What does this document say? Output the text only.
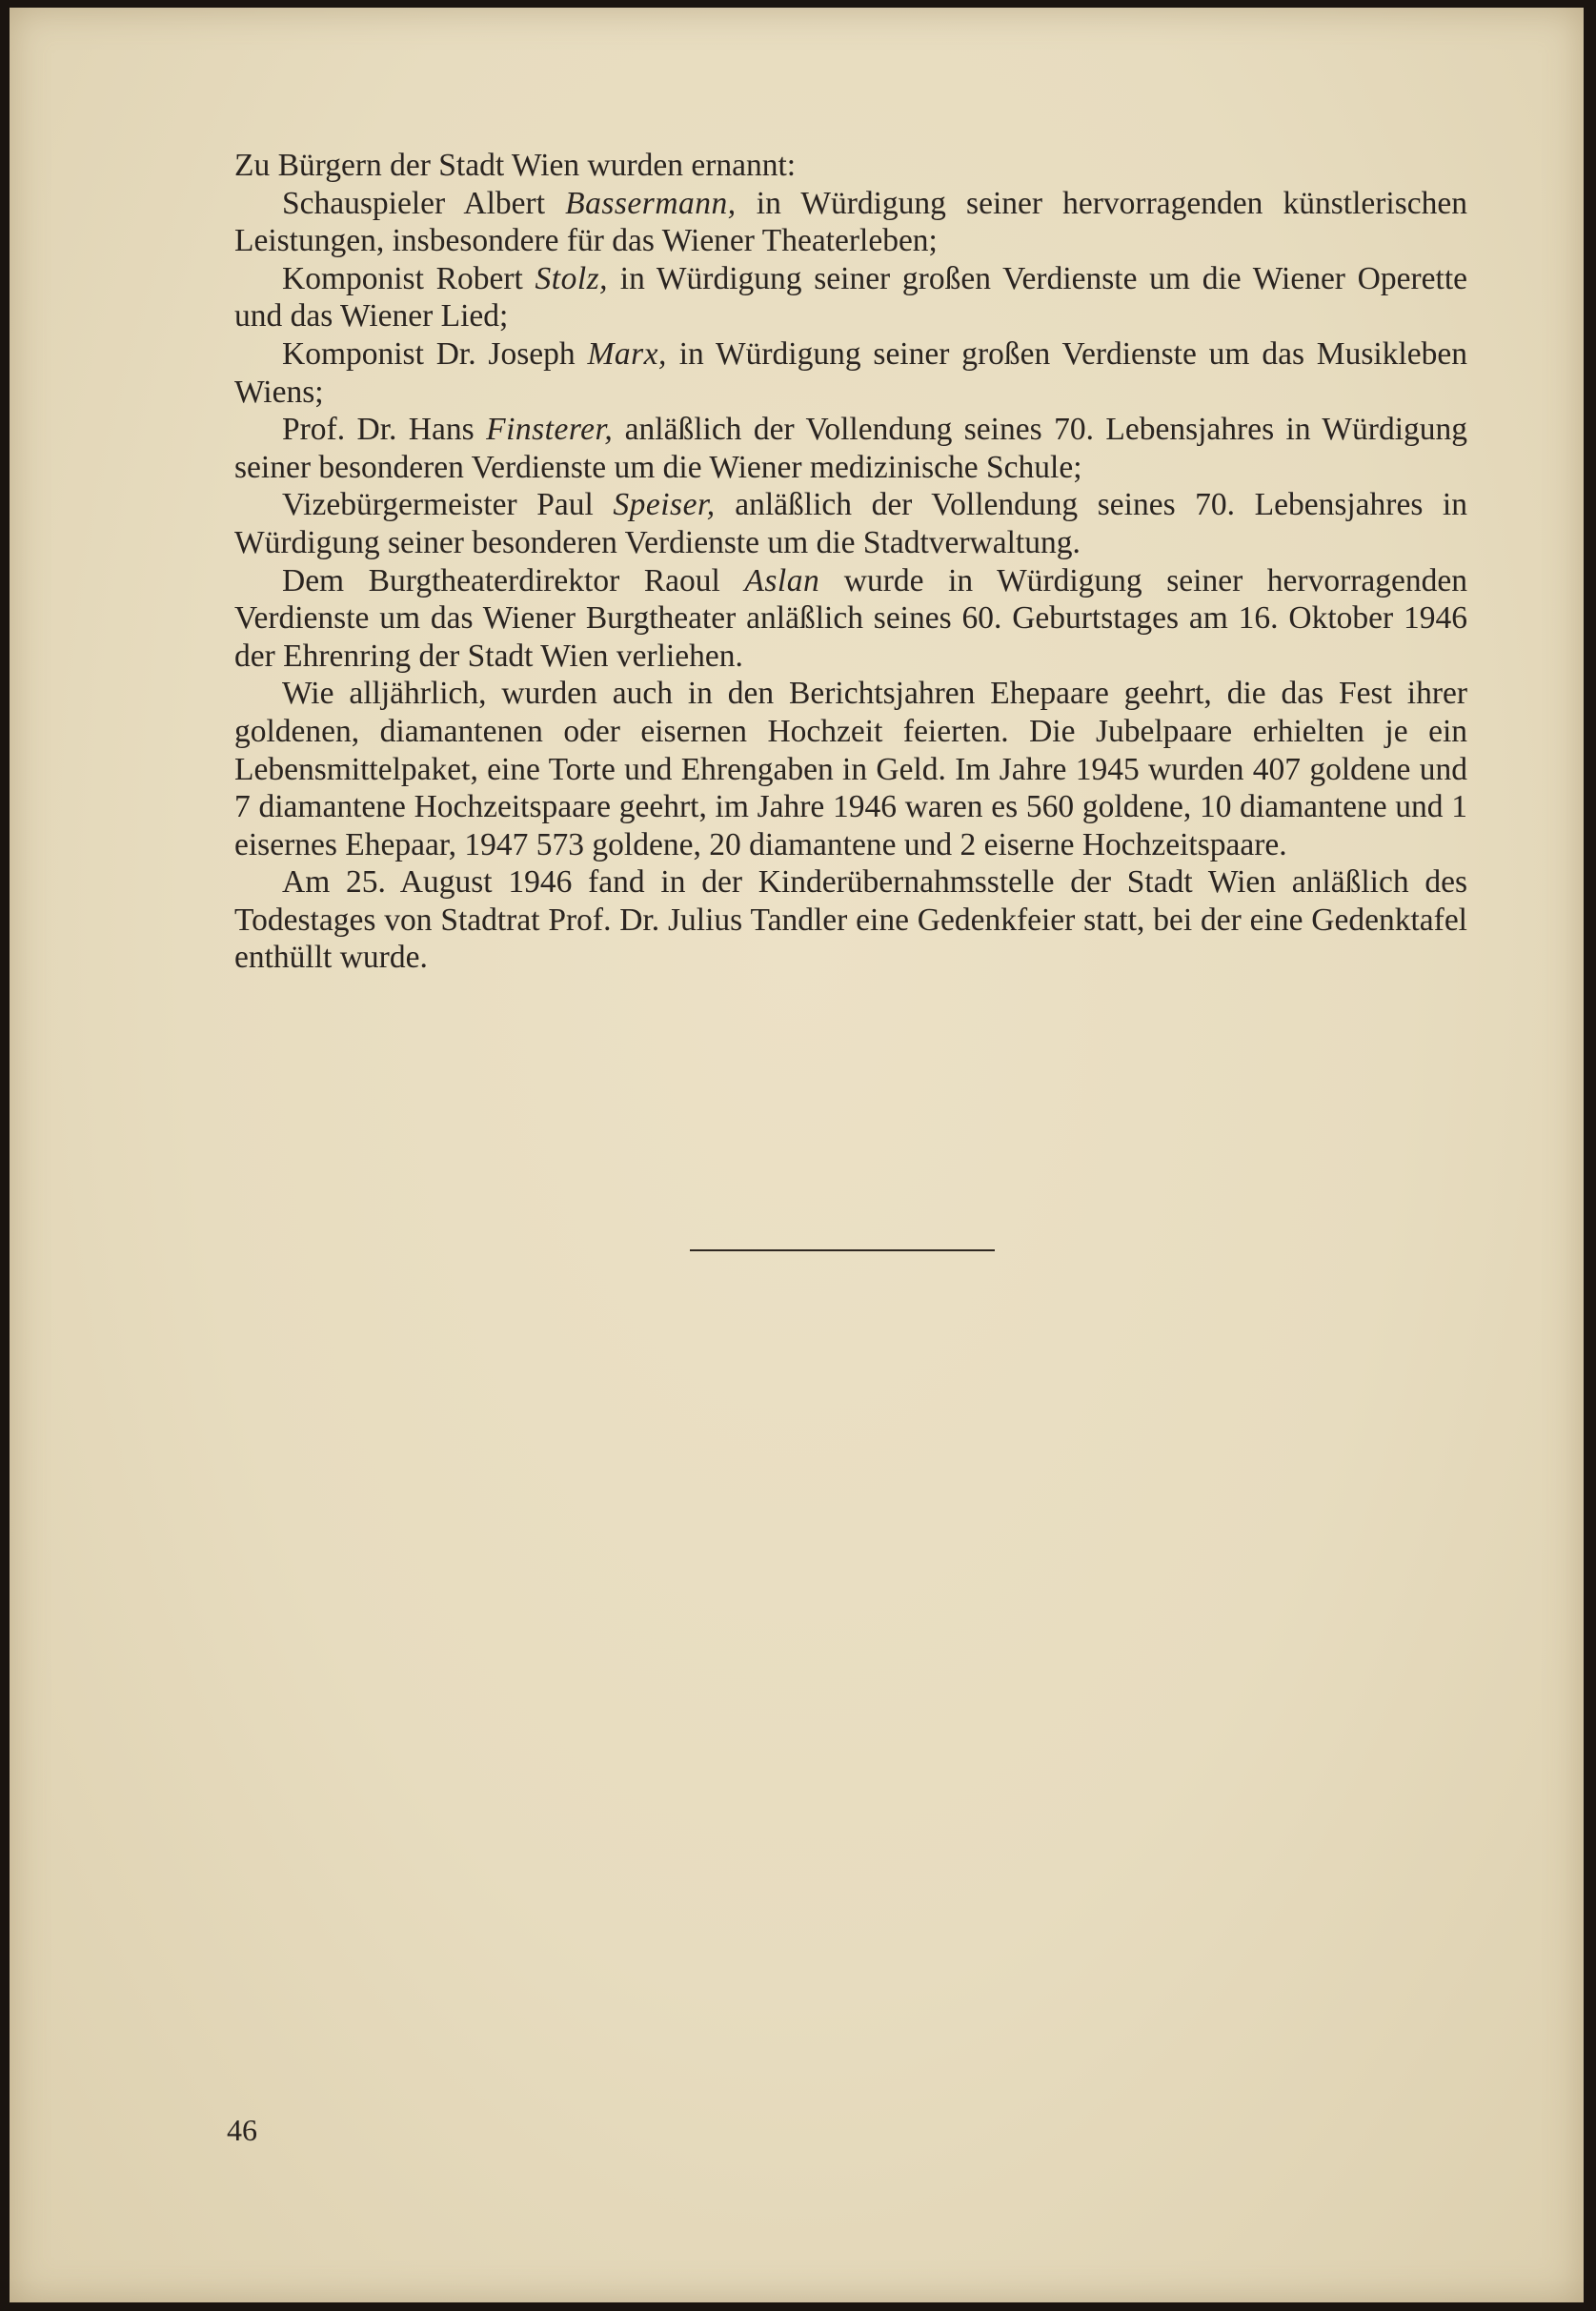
Zu Bürgern der Stadt Wien wurden ernannt:

Schauspieler Albert Bassermann, in Würdigung seiner hervorragenden künstlerischen Leistungen, insbesondere für das Wiener Theaterleben;

Komponist Robert Stolz, in Würdigung seiner großen Verdienste um die Wiener Operette und das Wiener Lied;

Komponist Dr. Joseph Marx, in Würdigung seiner großen Verdienste um das Musikleben Wiens;

Prof. Dr. Hans Finsterer, anläßlich der Vollendung seines 70. Lebensjahres in Würdigung seiner besonderen Verdienste um die Wiener medizinische Schule;

Vizebürgermeister Paul Speiser, anläßlich der Vollendung seines 70. Lebensjahres in Würdigung seiner besonderen Verdienste um die Stadtverwaltung.

Dem Burgtheaterdirektor Raoul Aslan wurde in Würdigung seiner hervorragenden Verdienste um das Wiener Burgtheater anläßlich seines 60. Geburtstages am 16. Oktober 1946 der Ehrenring der Stadt Wien verliehen.

Wie alljährlich, wurden auch in den Berichtsjahren Ehepaare geehrt, die das Fest ihrer goldenen, diamantenen oder eisernen Hochzeit feierten. Die Jubelpaare erhielten je ein Lebensmittelpaket, eine Torte und Ehrengaben in Geld. Im Jahre 1945 wurden 407 goldene und 7 diamantene Hochzeitspaare geehrt, im Jahre 1946 waren es 560 goldene, 10 diamantene und 1 eisernes Ehepaar, 1947 573 goldene, 20 diamantene und 2 eiserne Hochzeitspaare.

Am 25. August 1946 fand in der Kinderübernahmsstelle der Stadt Wien anläßlich des Todestages von Stadtrat Prof. Dr. Julius Tandler eine Gedenkfeier statt, bei der eine Gedenktafel enthüllt wurde.

46
